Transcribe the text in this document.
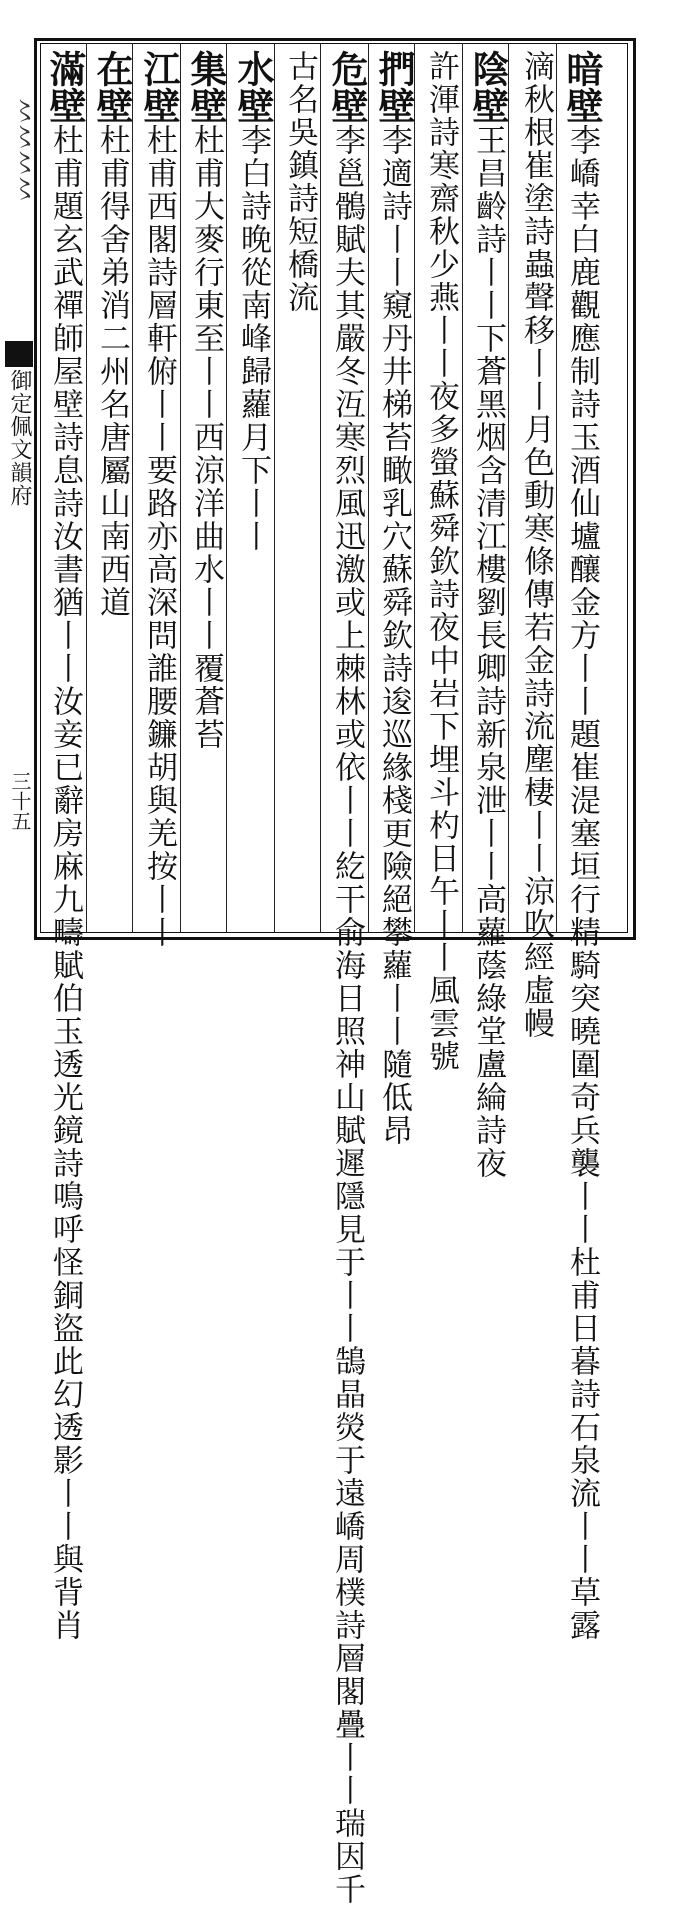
〻〻〻〻
御定佩文韻府
三十五
暗壁李嶠幸白鹿觀應制詩玉酒仙壚釀金方丨丨題崔湜塞垣行精騎突曉圍奇兵襲丨丨杜甫日暮詩石泉流丨丨草露
滴秋根崔塗詩蟲聲移丨丨月色動寒條傳若金詩流塵棲丨丨涼吹經虛幔
陰壁王昌齡詩丨丨下蒼黑烟含清江樓劉長卿詩新泉泄丨丨高蘿蔭綠堂盧綸詩夜
許渾詩寒齋秋少燕丨丨夜多螢蘇舜欽詩夜中岩下埋斗杓日午丨丨風雲號
捫壁李適詩丨丨窺丹井梯苔瞰乳穴蘇舜欽詩逡巡緣棧更險絕攀蘿丨丨隨低昂
危壁李邕鶻賦夫其嚴冬沍寒烈風迅激或上棘林或依丨丨紇干俞海日照神山賦遲隱見于丨丨鵠晶熒于遠嶠周樸詩層閣疊丨丨瑞因千
古名吳鎮詩短橋流
水壁李白詩晚從南峰歸蘿月下丨丨
集壁杜甫大麥行東至丨丨西涼洋曲水丨丨覆蒼苔
江壁杜甫西閣詩層軒俯丨丨要路亦高深問誰腰鐮胡與羌按丨丨
在壁杜甫得舍弟消二州名唐屬山南西道
滿壁杜甫題玄武禪師屋壁詩息詩汝書猶丨丨汝妾已辭房麻九疇賦伯玉透光鏡詩鳴呼怪銅盜此幻透影丨丨與背肖
